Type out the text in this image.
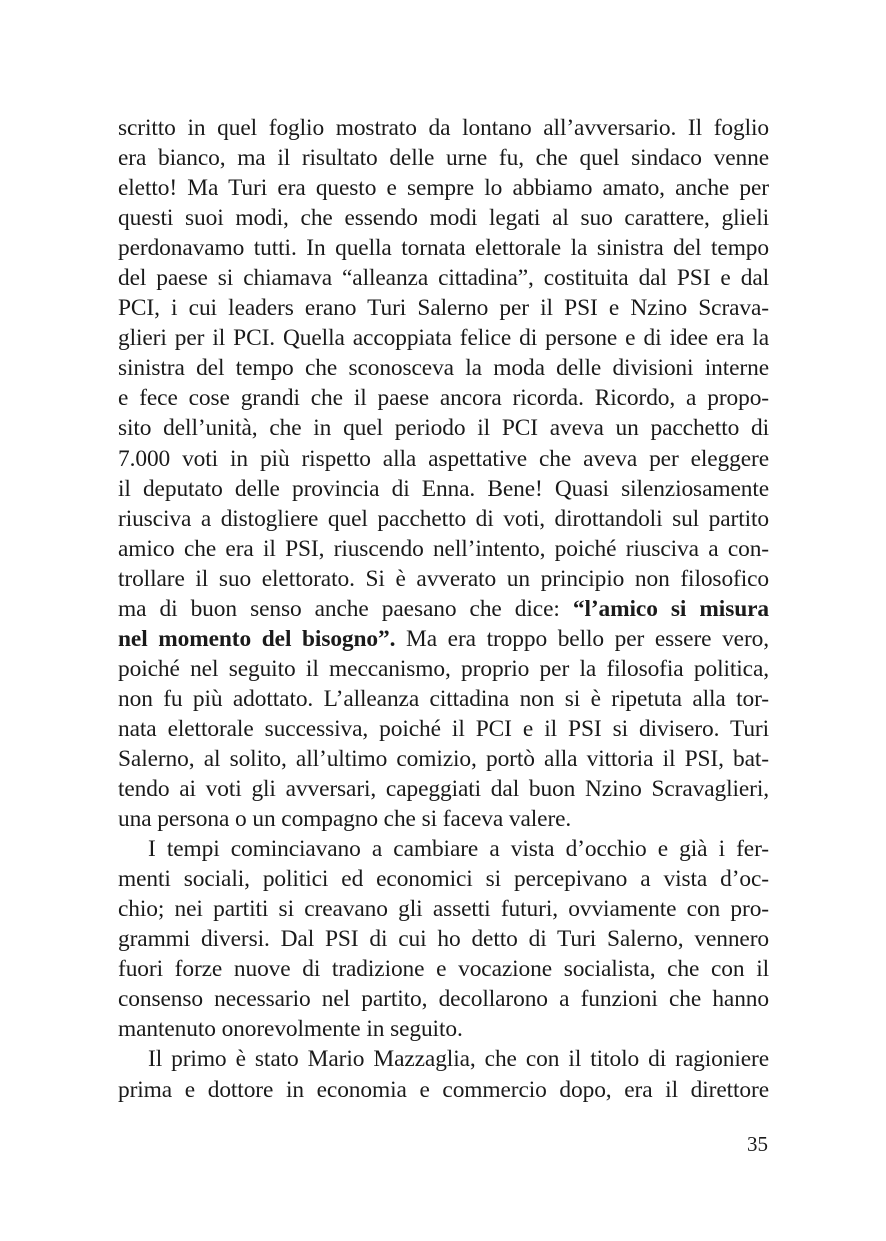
scritto in quel foglio mostrato da lontano all’avversario. Il foglio
era bianco, ma il risultato delle urne fu, che quel sindaco venne
eletto! Ma Turi era questo e sempre lo abbiamo amato, anche per
questi suoi modi, che essendo modi legati al suo carattere, glieli
perdonavamo tutti. In quella tornata elettorale la sinistra del tempo
del paese si chiamava “alleanza cittadina”, costituita dal PSI e dal
PCI, i cui leaders erano Turi Salerno per il PSI e Nzino Scrava-
glieri per il PCI. Quella accoppiata felice di persone e di idee era la
sinistra del tempo che sconosceva la moda delle divisioni interne
e fece cose grandi che il paese ancora ricorda. Ricordo, a propo-
sito dell’unità, che in quel periodo il PCI aveva un pacchetto di
7.000 voti in più rispetto alla aspettative che aveva per eleggere
il deputato delle provincia di Enna. Bene! Quasi silenziosamente
riusciva a distogliere quel pacchetto di voti, dirottandoli sul partito
amico che era il PSI, riuscendo nell’intento, poiché riusciva a con-
trollare il suo elettorato. Si è avverato un principio non filosofico
ma di buon senso anche paesano che dice: “l’amico si misura
nel momento del bisogno”. Ma era troppo bello per essere vero,
poiché nel seguito il meccanismo, proprio per la filosofia politica,
non fu più adottato. L’alleanza cittadina non si è ripetuta alla tor-
nata elettorale successiva, poiché il PCI e il PSI si divisero. Turi
Salerno, al solito, all’ultimo comizio, portò alla vittoria il PSI, bat-
tendo ai voti gli avversari, capeggiati dal buon Nzino Scravaglieri,
una persona o un compagno che si faceva valere.
I tempi cominciavano a cambiare a vista d’occhio e già i fer-
menti sociali, politici ed economici si percepivano a vista d’oc-
chio; nei partiti si creavano gli assetti futuri, ovviamente con pro-
grammi diversi. Dal PSI di cui ho detto di Turi Salerno, vennero
fuori forze nuove di tradizione e vocazione socialista, che con il
consenso necessario nel partito, decollarono a funzioni che hanno
mantenuto onorevolmente in seguito.
Il primo è stato Mario Mazzaglia, che con il titolo di ragioniere
prima e dottore in economia e commercio dopo, era il direttore
35
